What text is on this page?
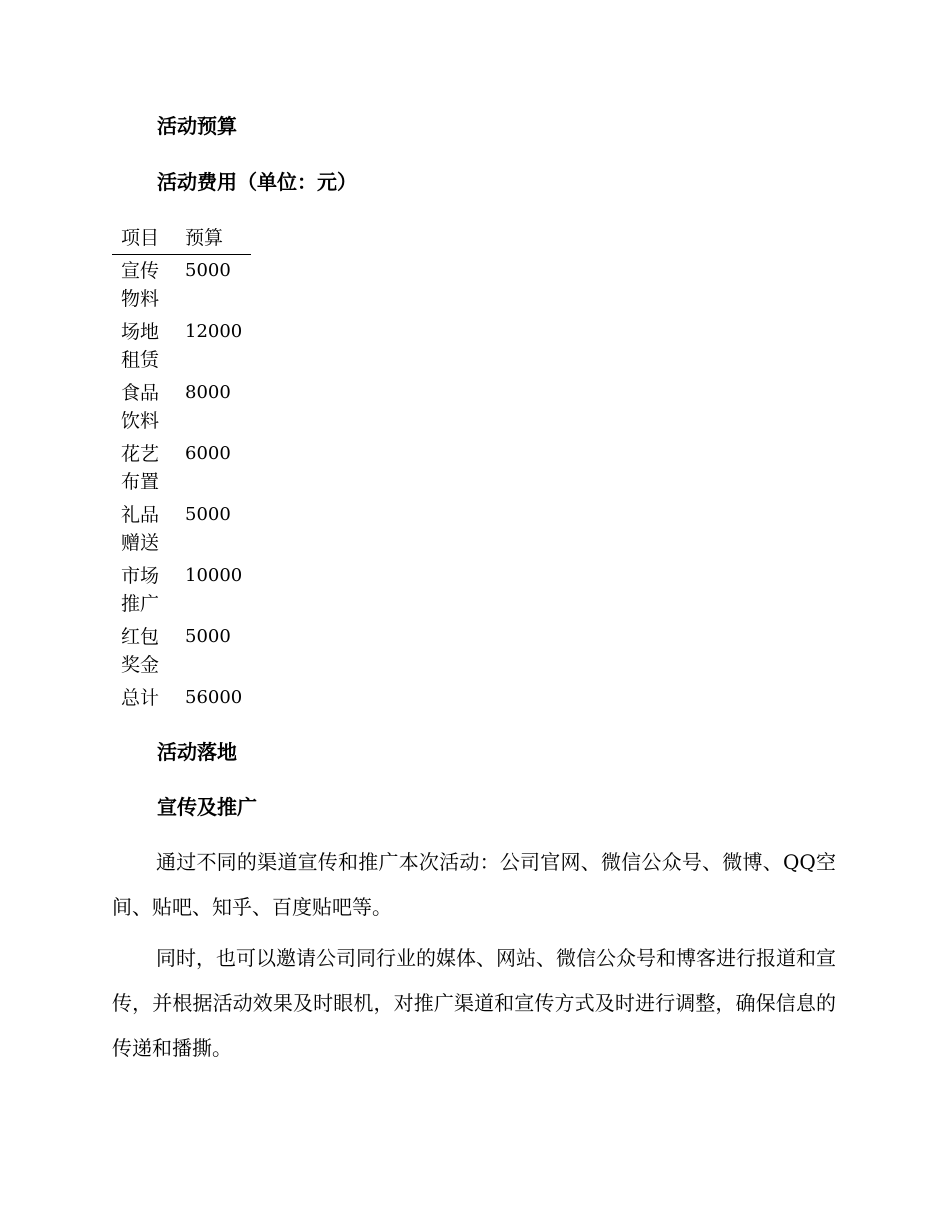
活动预算
活动费用（单位：元）
项目	预算
宣传物料	5000
场地租赁	12000
食品饮料	8000
花艺布置	6000
礼品赠送	5000
市场推广	10000
红包奖金	5000
总计	56000
活动落地
宣传及推广

通过不同的渠道宣传和推广本次活动：公司官网、微信公众号、微博、QQ空间、贴吧、知乎、百度贴吧等。

同时，也可以邀请公司同行业的媒体、网站、微信公众号和博客进行报道和宣传，并根据活动效果及时眼机，对推广渠道和宣传方式及时进行调整，确保信息的传递和播撕。
